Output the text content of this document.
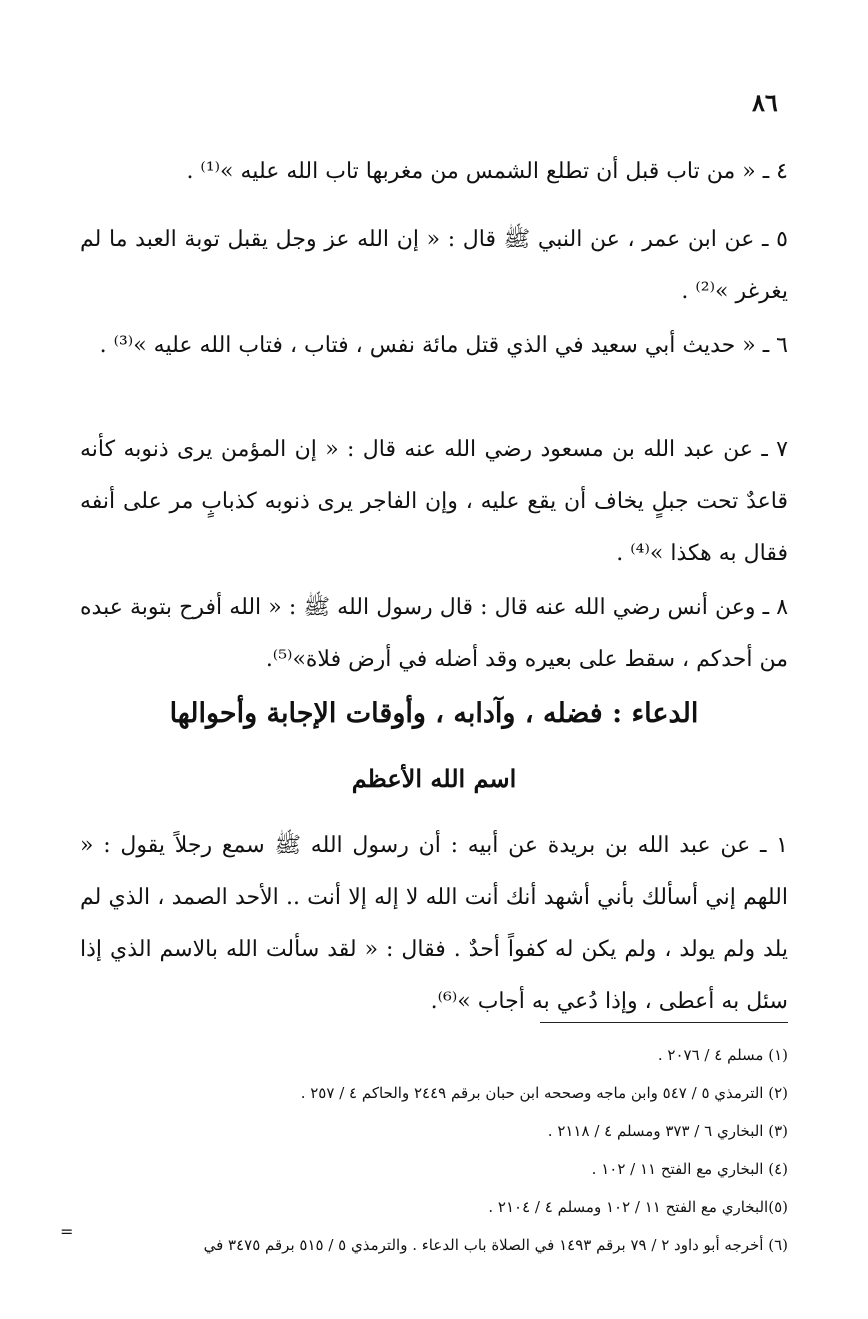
٨٦

٤ ـ « من تاب قبل أن تطلع الشمس من مغربها تاب الله عليه »⁽¹⁾ .

٥ ـ عن ابن عمر ، عن النبي ﷺ قال : « إن الله عز وجل يقبل توبة العبد ما لم يغرغر »⁽²⁾ .

٦ ـ « حديث أبي سعيد في الذي قتل مائة نفس ، فتاب ، فتاب الله عليه »⁽³⁾ .

٧ ـ عن عبد الله بن مسعود رضي الله عنه قال : « إن المؤمن يرى ذنوبه كأنه قاعدٌ تحت جبلٍ يخاف أن يقع عليه ، وإن الفاجر يرى ذنوبه كذبابٍ مر على أنفه فقال به هكذا »⁽⁴⁾ .

٨ ـ وعن أنس رضي الله عنه قال : قال رسول الله ﷺ : « الله أفرح بتوبة عبده من أحدكم ، سقط على بعيره وقد أضله في أرض فلاة»⁽⁵⁾.

الدعاء : فضله ، وآدابه ، وأوقات الإجابة وأحوالها
اسم الله الأعظم

١ ـ عن عبد الله بن بريدة عن أبيه : أن رسول الله ﷺ سمع رجلاً يقول : « اللهم إني أسألك بأني أشهد أنك أنت الله لا إله إلا أنت .. الأحد الصمد ، الذي لم يلد ولم يولد ، ولم يكن له كفواً أحدٌ . فقال : « لقد سألت الله بالاسم الذي إذا سئل به أعطى ، وإذا دُعي به أجاب »⁽⁶⁾.

(١) مسلم ٤ / ٢٠٧٦ .

(٢) الترمذي ٥ / ٥٤٧ وابن ماجه وصححه ابن حبان برقم ٢٤٤٩ والحاكم ٤ / ٢٥٧ .

(٣) البخاري ٦ / ٣٧٣ ومسلم ٤ / ٢١١٨ .

(٤) البخاري مع الفتح ١١ / ١٠٢ .

(٥)البخاري مع الفتح ١١ / ١٠٢ ومسلم ٤ / ٢١٠٤ .

(٦) أخرجه أبو داود ٢ / ٧٩ برقم ١٤٩٣ في الصلاة باب الدعاء . والترمذي ٥ / ٥١٥ برقم ٣٤٧٥ في

=
